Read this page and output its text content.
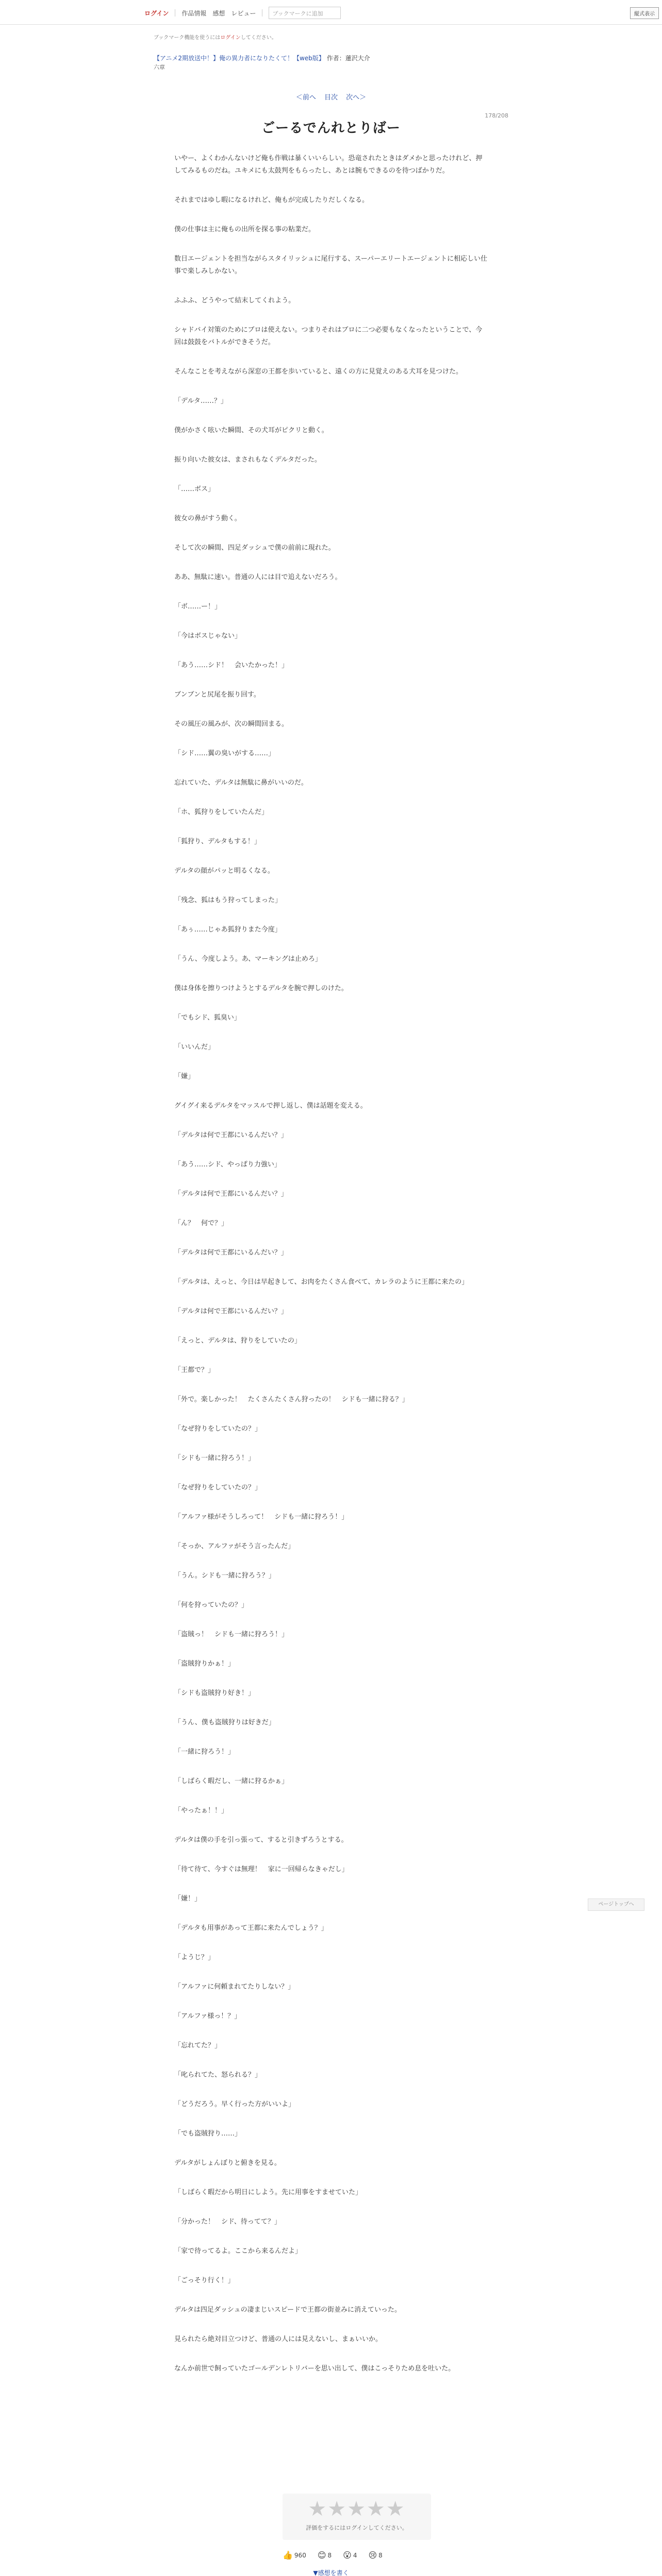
ログイン 作品情報 感想 レビュー	ブックマークに追加	縦式表示
ブックマーク機能を使うにはログインしてください。
【アニメ2期放送中！】俺の異力者になりたくて！【web版】 作者：蓮沢大介
六章
＜前へ 目次 次へ＞
178/208
ごーるでんれとりばー

いやー、よくわかんないけど俺も作戦は暴くいいらしい。恐竜されたときはダメかと思ったけれど、押してみるものだね。ユキメにも太鼓判をもらったし、あとは腕もできるのを待つばかりだ。

それまではゆし暇になるけれど、俺もが完成したりだしくなる。

僕の仕事は主に俺もの出所を探る事の粘業だ。

数日エージェントを担当ながらスタイリッシュに尾行する、スーパーエリートエージェントに相応しい仕事で楽しみしかない。

ふふふ、どうやって結末してくれよう。

シャドバイ対策のためにブロは使えない。つまりそれはブロに二つ必要もなくなったということで、今回は鼓鼓をバトルができそうだ。

そんなことを考えながら深窓の王都を歩いていると、遠くの方に見覚えのある犬耳を見つけた。

「デルタ……？」

僕がかさく呟いた瞬間、その犬耳がピクリと動く。

振り向いた彼女は、まされもなくデルタだった。

「……ボス」

彼女の鼻がすう動く。

そして次の瞬間、四足ダッシュで僕の前前に現れた。

ああ、無駄に速い。普通の人には目で追えないだろう。

「ボ……ー！」

「今はボスじゃない」

「あう……シド！　会いたかった！」

ブンブンと尻尾を振り回す。

その風圧の風みが、次の瞬間回まる。

「シド……翼の臭いがする……」

忘れていた、デルタは無駄に鼻がいいのだ。

「ホ、狐狩りをしていたんだ」

「狐狩り、デルタもする！」

デルタの顔がパッと明るくなる。

「残念、狐はもう狩ってしまった」

「あぅ……じゃあ狐狩りまた今度」

「うん、今度しよう。あ、マーキングは止めろ」

僕は身体を擦りつけようとするデルタを腕で押しのけた。

「でもシド、狐臭い」

「いいんだ」

「嫌」

グイグイ来るデルタをマッスルで押し返し、僕は話題を変える。

「デルタは何で王都にいるんだい？」

「あう……シド、やっぱり力強い」

「デルタは何で王都にいるんだい？」

「ん？　何で？」

「デルタは何で王都にいるんだい？」

「デルタは、えっと、今日は早起きして、お肉をたくさん食べて、カレラのように王都に来たの」

「デルタは何で王都にいるんだい？」

「えっと、デルタは、狩りをしていたの」

「王都で？」

「外で。楽しかった！　たくさんたくさん狩ったの！　シドも一緒に狩る？」

「なぜ狩りをしていたの？」

「シドも一緒に狩ろう！」

「なぜ狩りをしていたの？」

「アルファ様がそうしろって！　シドも一緒に狩ろう！」

「そっか、アルファがそう言ったんだ」

「うん。シドも一緒に狩ろう？」

「何を狩っていたの？」

「盗賊っ！　シドも一緒に狩ろう！」

「盗賊狩りかぁ！」

「シドも盗賊狩り好き！」

「うん、僕も盗賊狩りは好きだ」

「一緒に狩ろう！」

「しばらく暇だし、一緒に狩るかぁ」

「やったぁ！！」

デルタは僕の手を引っ張って、すると引きずろうとする。

「待て待て、今すぐは無理！　家に一回帰らなきゃだし」

「嫌！」

「デルタも用事があって王都に来たんでしょう？」

「ようじ？」

「アルファに何頼まれてたりしない？」

「アルファ様っ！？」

「忘れてた？」

「叱られてた、怒られる？」

「どうだろう。早く行った方がいいよ」

「でも盗賊狩り……」

デルタがしょんぼりと俯きを見る。

「しばらく暇だから明日にしよう。先に用事をすませていた」

「分かった！　シド、待ってて？」

「家で待ってるよ。ここから来るんだよ」

「ごっそり行く！」

デルタは四足ダッシュの凄まじいスピードで王都の街並みに消えていった。

見られたら絶対目立つけど、普通の人には見えないし、まぁいいか。

なんか前世で飼っていたゴールデンレトリバーを思い出して、僕はこっそりため息を吐いた。

ページトップへ
★★★★★
評価をするにはログインしてください。
👍 960 😊 8 😮 4 😢 8
▼感想を書く
